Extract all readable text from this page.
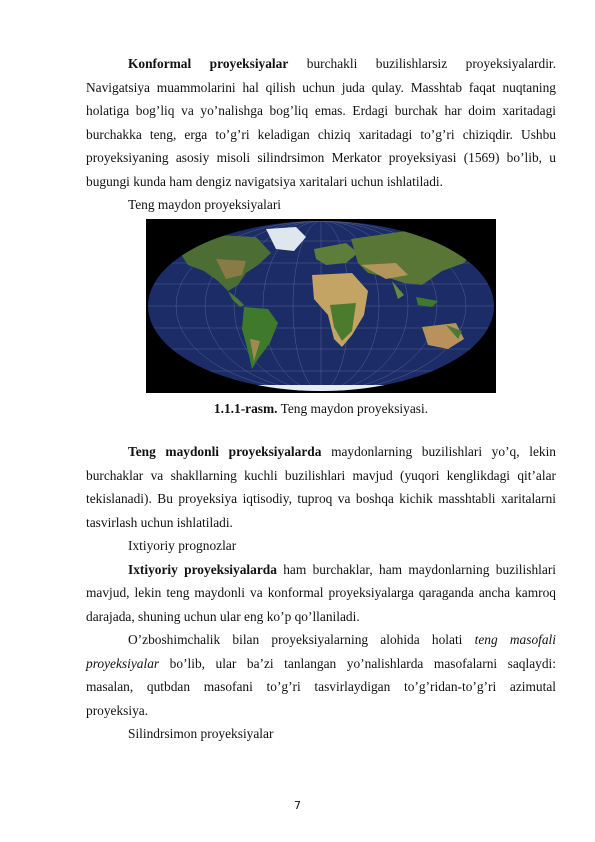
Konformal proyeksiyalar burchakli buzilishlarsiz proyeksiyalardir. Navigatsiya muammolarini hal qilish uchun juda qulay. Masshtab faqat nuqtaning holatiga bog’liq va yo’nalishga bog’liq emas. Erdagi burchak har doim xaritadagi burchakka teng, erga to’g’ri keladigan chiziq xaritadagi to’g’ri chiziqdir. Ushbu proyeksiyaning asosiy misoli silindrsimon Merkator proyeksiyasi (1569) bo’lib, u bugungi kunda ham dengiz navigatsiya xaritalari uchun ishlatiladi.

Teng maydon proyeksiyalari
1.1.1-rasm. Teng maydon proyeksiyasi.

Teng maydonli proyeksiyalarda maydonlarning buzilishlari yo’q, lekin burchaklar va shakllarning kuchli buzilishlari mavjud (yuqori kenglikdagi qit’alar tekislanadi). Bu proyeksiya iqtisodiy, tuproq va boshqa kichik masshtabli xaritalarni tasvirlash uchun ishlatiladi.

Ixtiyoriy prognozlar

Ixtiyoriy proyeksiyalarda ham burchaklar, ham maydonlarning buzilishlari mavjud, lekin teng maydonli va konformal proyeksiyalarga qaraganda ancha kamroq darajada, shuning uchun ular eng ko’p qo’llaniladi.

O’zboshimchalik bilan proyeksiyalarning alohida holati teng masofali proyeksiyalar bo’lib, ular ba’zi tanlangan yo’nalishlarda masofalarni saqlaydi: masalan, qutbdan masofani to’g’ri tasvirlaydigan to’g’ridan-to’g’ri azimutal proyeksiya.

Silindrsimon proyeksiyalar
7
